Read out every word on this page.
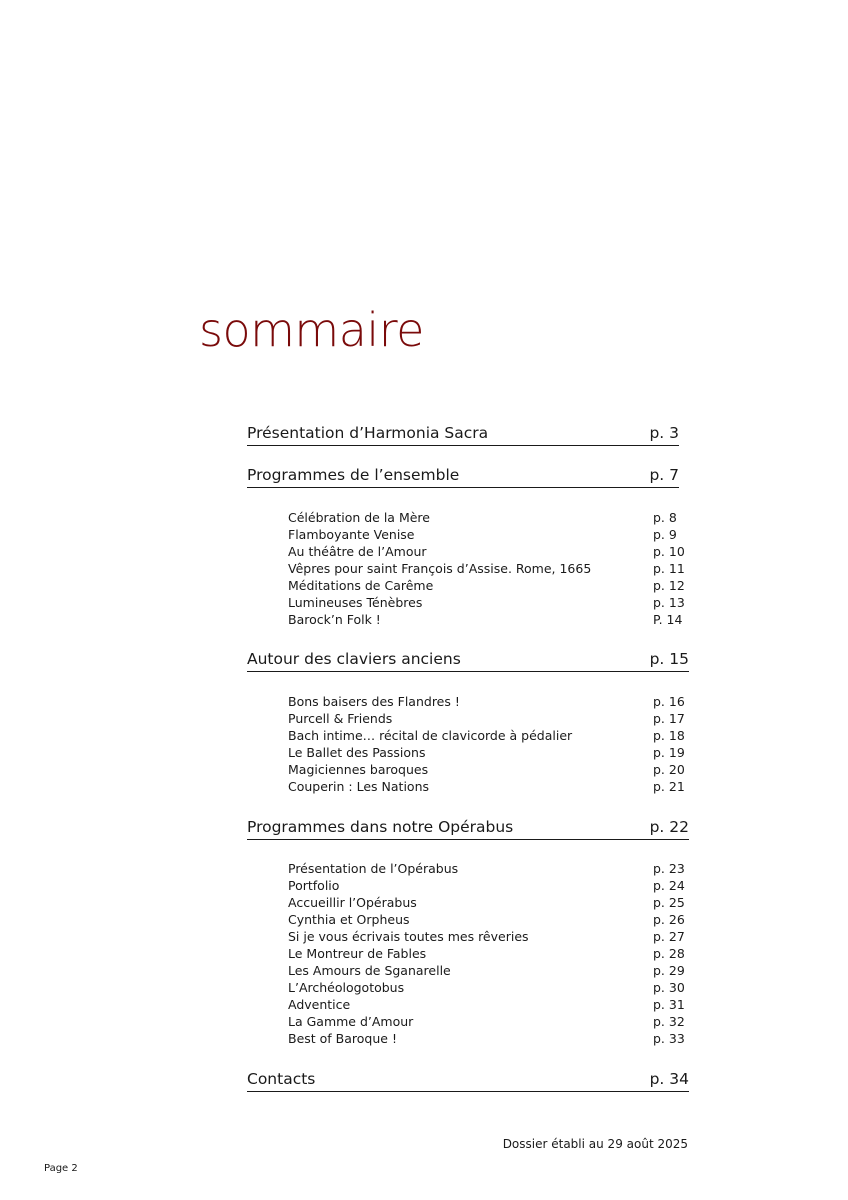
sommaire
Présentation d’Harmonia Sacra	p. 3
Programmes de l’ensemble	p. 7
Célébration de la Mère	p. 8
Flamboyante Venise	p. 9
Au théâtre de l’Amour	p. 10
Vêpres pour saint François d’Assise. Rome, 1665	p. 11
Méditations de Carême	p. 12
Lumineuses Ténèbres	p. 13
Barock’n Folk !	P. 14
Autour des claviers anciens	p. 15
Bons baisers des Flandres !	p. 16
Purcell & Friends	p. 17
Bach intime… récital de clavicorde à pédalier	p. 18
Le Ballet des Passions	p. 19
Magiciennes baroques	p. 20
Couperin : Les Nations	p. 21
Programmes dans notre Opérabus	p. 22
Présentation de l’Opérabus	p. 23
Portfolio	p. 24
Accueillir l’Opérabus	p. 25
Cynthia et Orpheus	p. 26
Si je vous écrivais toutes mes rêveries	p. 27
Le Montreur de Fables	p. 28
Les Amours de Sganarelle	p. 29
L’Archéologotobus	p. 30
Adventice	p. 31
La Gamme d’Amour	p. 32
Best of Baroque !	p. 33
Contacts	p. 34
Dossier établi au 29 août 2025
Page 2
